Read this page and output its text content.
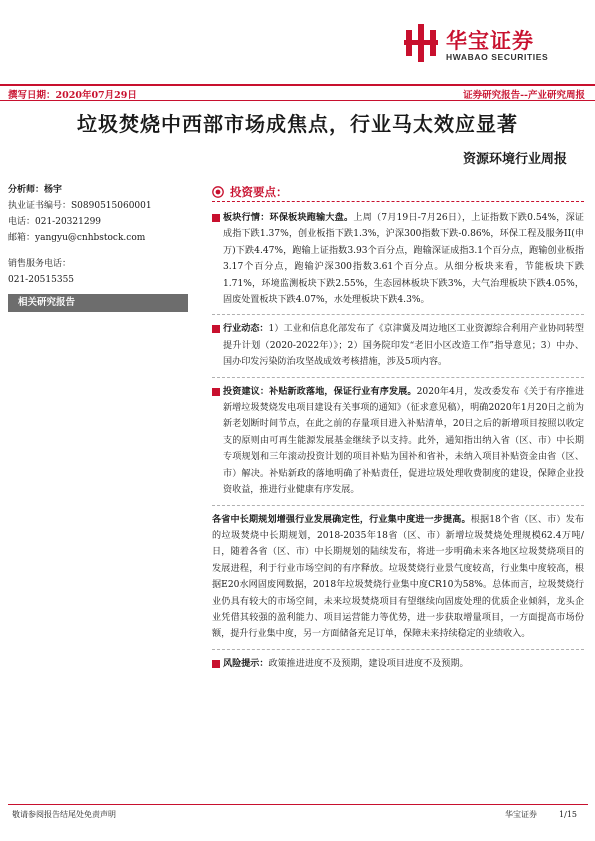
华宝证券
HWABAO SECURITIES
撰写日期：2020年07月29日	证券研究报告--产业研究周报
垃圾焚烧中西部市场成焦点，行业马太效应显著
资源环境行业周报
分析师：杨宇
执业证书编号：S0890515060001
电话：021-20321299
邮箱：yangyu@cnhbstock.com
销售服务电话：
021-20515355
相关研究报告
投资要点：
板块行情：环保板块跑输大盘。上周（7月19日-7月26日），上证指数下跌0.54%，深证成指下跌1.37%，创业板指下跌1.3%，沪深300指数下跌-0.86%，环保工程及服务II(申万)下跌4.47%，跑输上证指数3.93个百分点，跑输深证成指3.1个百分点，跑输创业板指3.17个百分点，跑输沪深300指数3.61个百分点。从细分板块来看，节能板块下跌1.71%，环境监测板块下跌2.55%，生态园林板块下跌3%，大气治理板块下跌4.05%，固废处置板块下跌4.07%，水处理板块下跌4.3%。
行业动态：1）工业和信息化部发布了《京津冀及周边地区工业资源综合利用产业协同转型提升计划（2020-2022年）》；2）国务院印发“老旧小区改造工作”指导意见；3）中办、国办印发污染防治攻坚战成效考核措施，涉及5项内容。
投资建议：补贴新政落地，保证行业有序发展。2020年4月，发改委发布《关于有序推进新增垃圾焚烧发电项目建设有关事项的通知》（征求意见稿），明确2020年1月20日之前为新老划断时间节点，在此之前的存量项目进入补贴清单，20日之后的新增项目按照以收定支的原则由可再生能源发展基金继续予以支持。此外，通知指出纳入省（区、市）中长期专项规划和三年滚动投资计划的项目补贴为国补和省补，未纳入项目补贴资金由省（区、市）解决。补贴新政的落地明确了补贴责任，促进垃圾处理收费制度的建设，保障企业投资收益，推进行业健康有序发展。
各省中长期规划增强行业发展确定性，行业集中度进一步提高。根据18个省（区、市）发布的垃圾焚烧中长期规划，2018-2035年18省（区、市）新增垃圾焚烧处理规模62.4万吨/日，随着各省（区、市）中长期规划的陆续发布，将进一步明确未来各地区垃圾焚烧项目的发展进程，利于行业市场空间的有序释放。垃圾焚烧行业景气度较高，行业集中度较高，根据E20水网固废网数据，2018年垃圾焚烧行业集中度CR10为58%。总体而言，垃圾焚烧行业仍具有较大的市场空间，未来垃圾焚烧项目有望继续向固废处理的优质企业倾斜，龙头企业凭借其较强的盈利能力、项目运营能力等优势，进一步获取增量项目，一方面提高市场份额，提升行业集中度，另一方面储备充足订单，保障未来持续稳定的业绩收入。
风险提示：政策推进进度不及预期，建设项目进度不及预期。
敬请参阅报告结尾处免责声明	华宝证券	1/15
